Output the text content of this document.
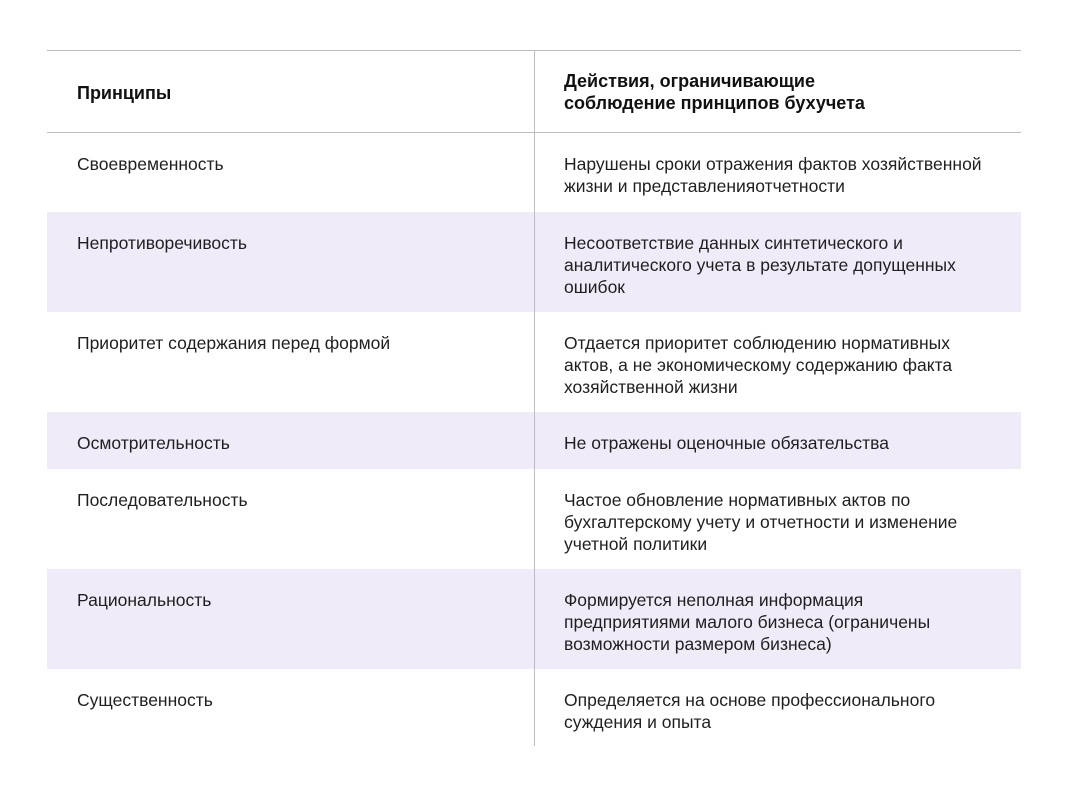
Принципы
Действия, ограничивающие
соблюдение принципов бухучета
Своевременность	Нарушены сроки отражения фактов хозяйственной
жизни и представленияотчетности
Непротиворечивость	Несоответствие данных синтетического и
аналитического учета в результате допущенных
ошибок
Приоритет содержания перед формой	Отдается приоритет соблюдению нормативных
актов, а не экономическому содержанию факта
хозяйственной жизни
Осмотрительность	Не отражены оценочные обязательства
Последовательность	Частое обновление нормативных актов по
бухгалтерскому учету и отчетности и изменение
учетной политики
Рациональность	Формируется неполная информация
предприятиями малого бизнеса (ограничены
возможности размером бизнеса)
Существенность	Определяется на основе профессионального
суждения и опыта
